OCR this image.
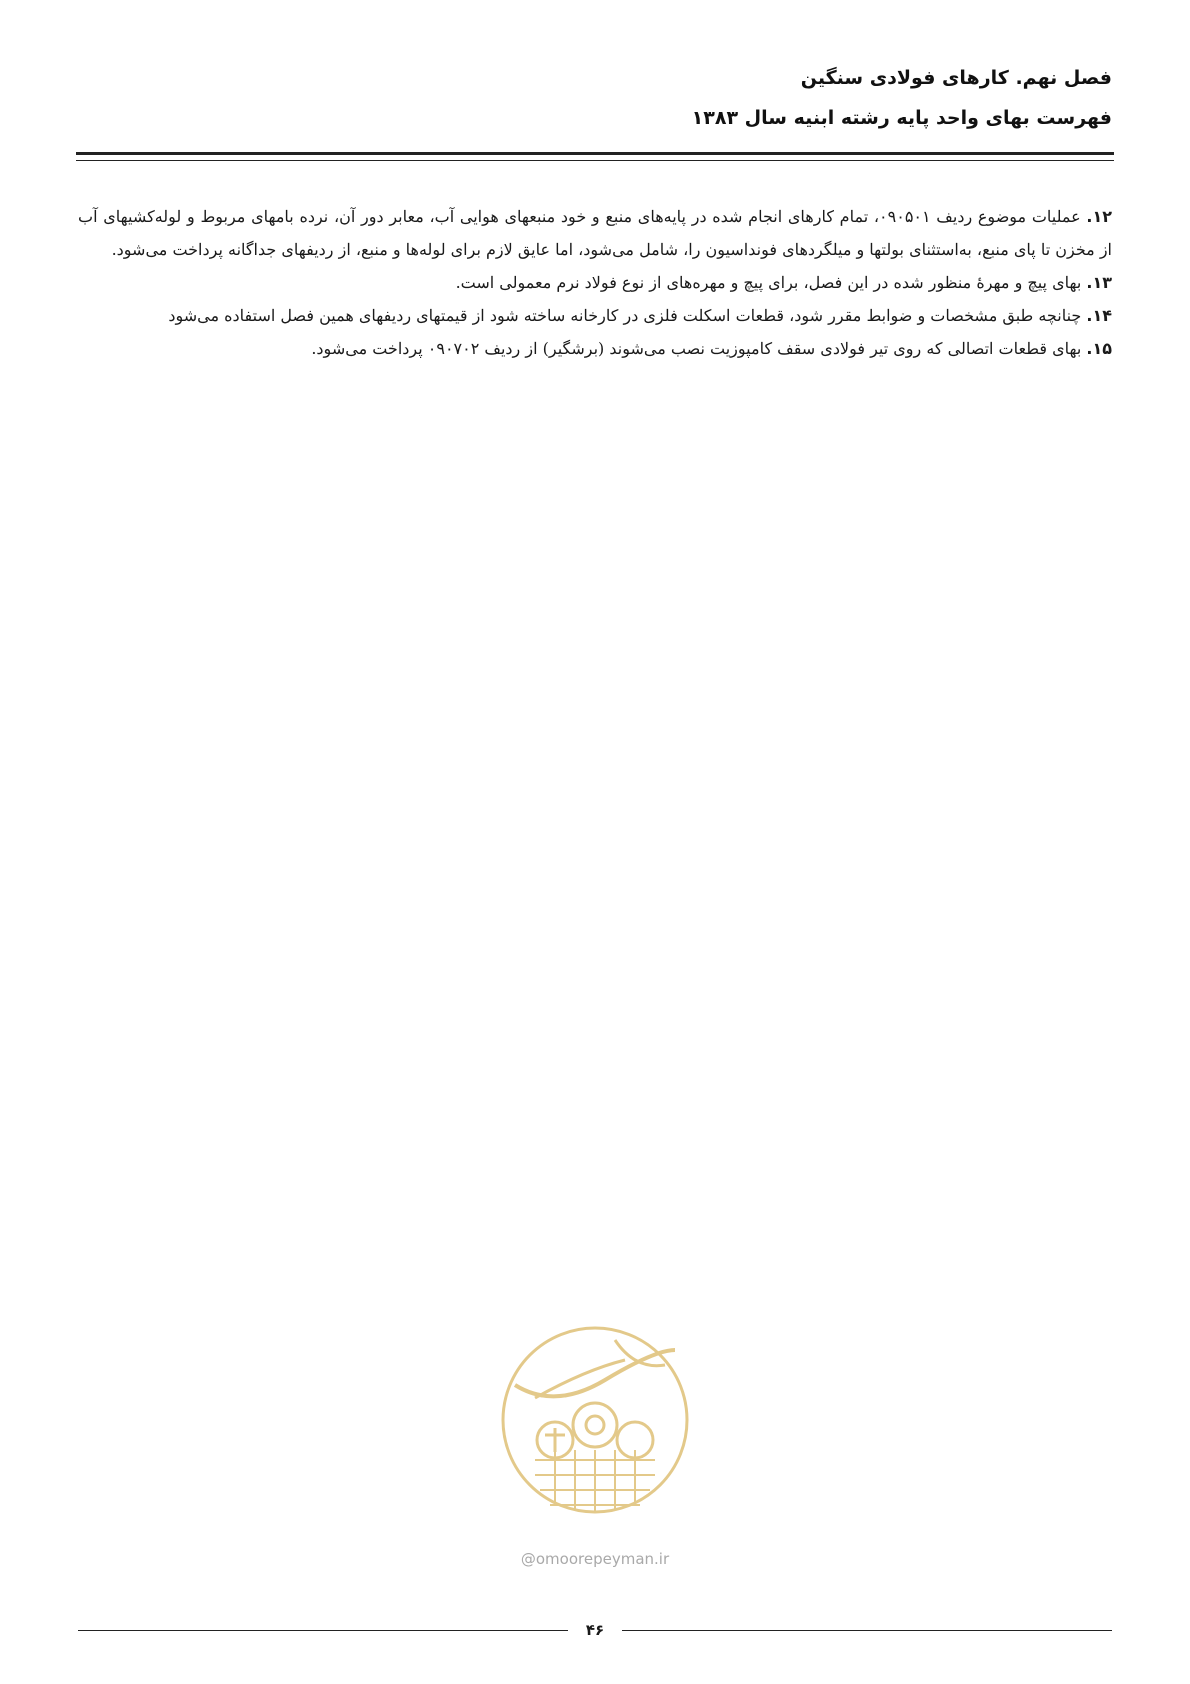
فصل نهم. کارهای فولادی سنگین
فهرست بهای واحد پایه رشته ابنیه سال ۱۳۸۳

۱۲. عملیات موضوع ردیف ۰۹۰۵۰۱، تمام کارهای انجام شده در پایه‌های منبع و خود منبعهای هوایی آب، معابر دور آن، نرده بامهای مربوط و لوله‌کشیهای آب از مخزن تا پای منبع، به‌استثنای بولتها و میلگردهای فونداسیون را، شامل می‌شود، اما عایق لازم برای لوله‌ها و منبع، از ردیفهای جداگانه پرداخت می‌شود.

۱۳. بهای پیچ و مهرهٔ منظور شده در این فصل، برای پیچ و مهره‌های از نوع فولاد نرم معمولی است.

۱۴. چنانچه طبق مشخصات و ضوابط مقرر شود، قطعات اسکلت فلزی در کارخانه ساخته شود از قیمتهای ردیفهای همین فصل استفاده می‌شود

۱۵. بهای قطعات اتصالی که روی تیر فولادی سقف کامپوزیت نصب می‌شوند (برشگیر) از ردیف ۰۹۰۷۰۲ پرداخت می‌شود.

@omoorepeyman.ir
۴۶
